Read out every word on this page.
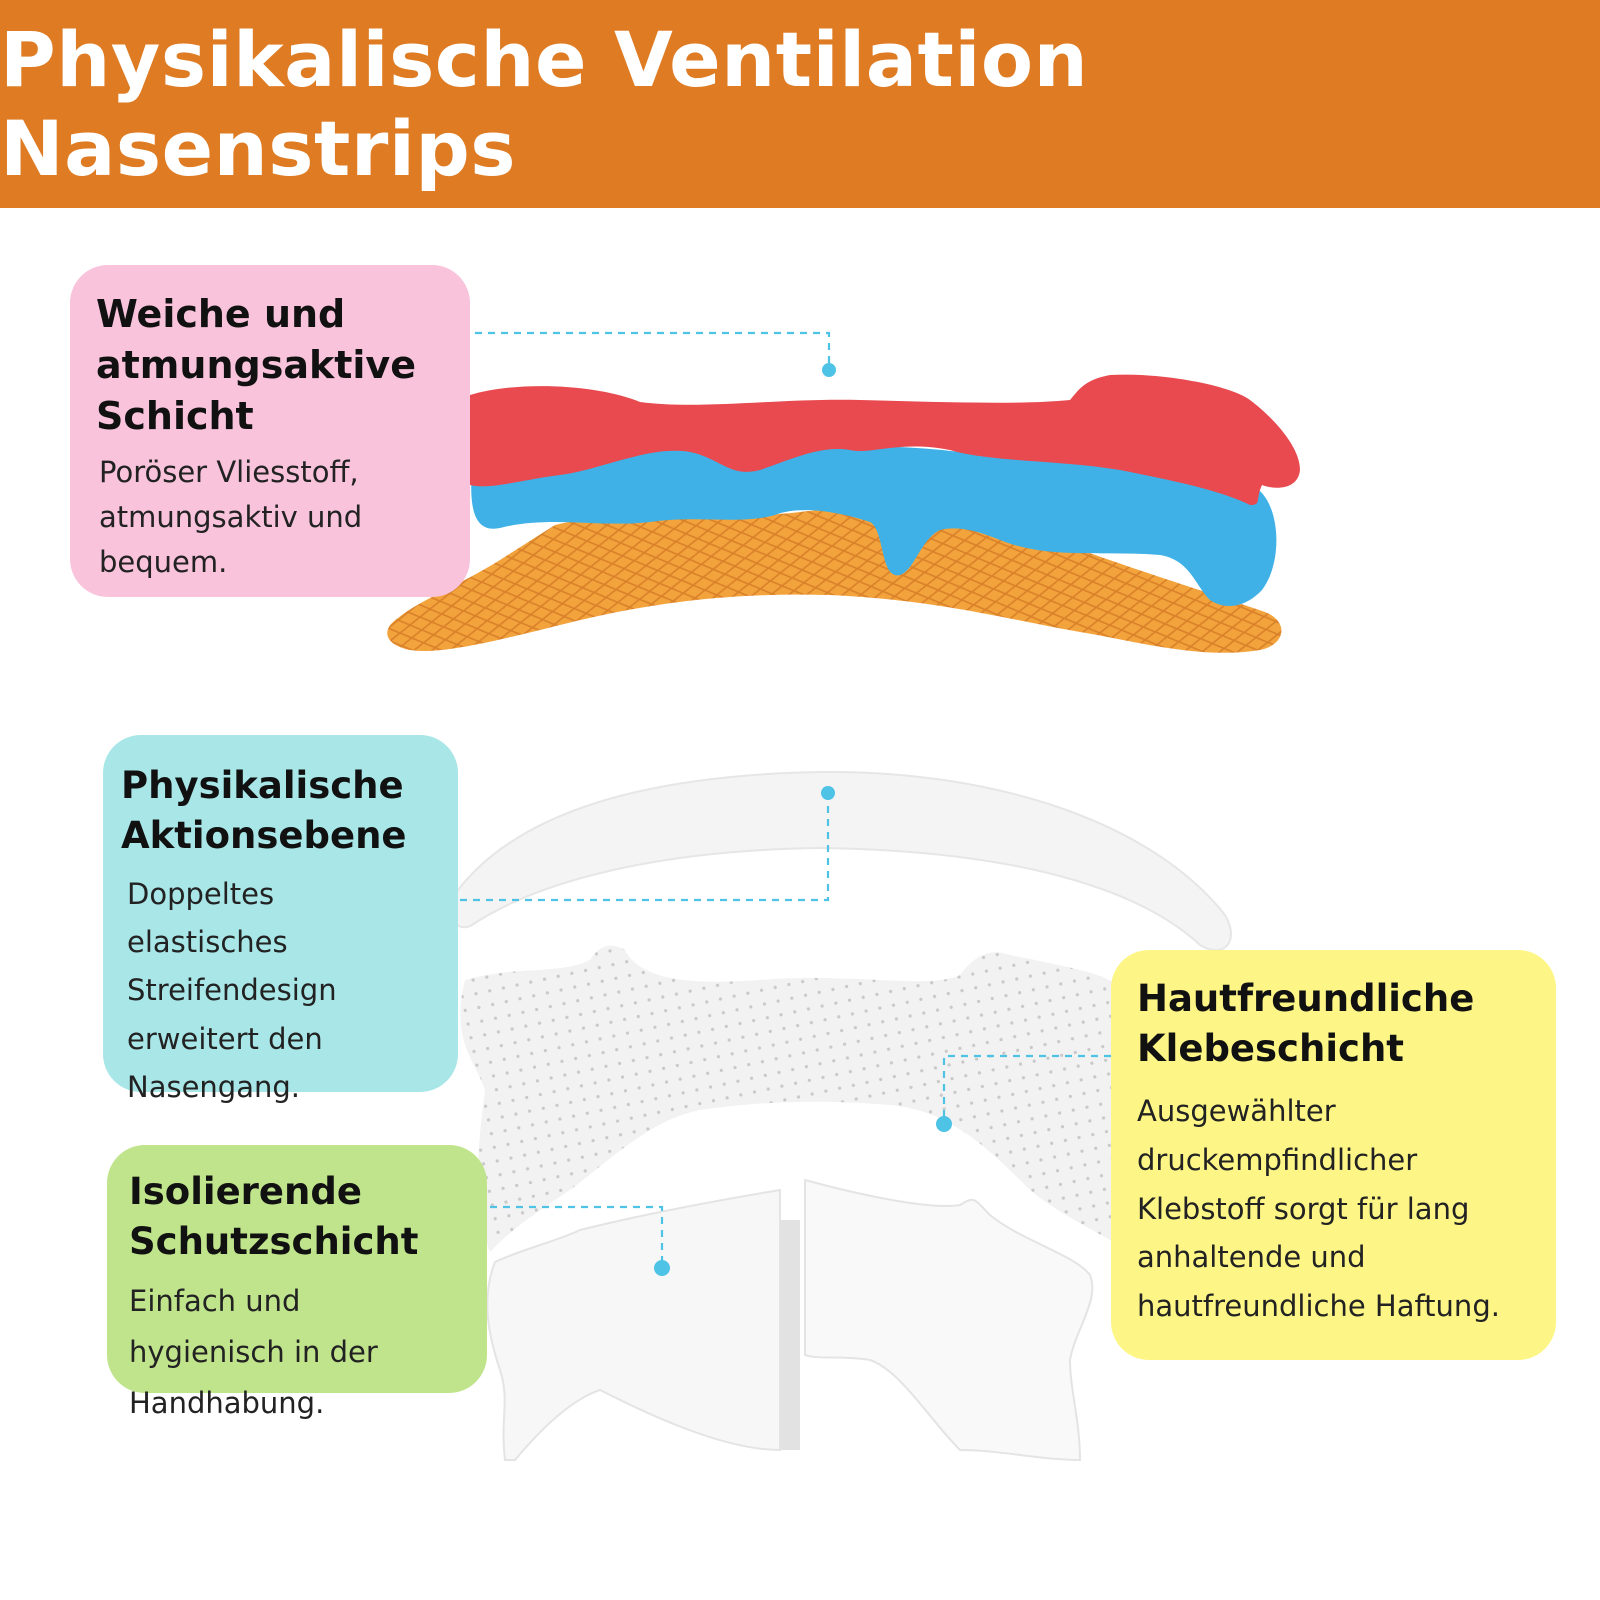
Physikalische Ventilation Nasenstrips
Weiche und atmungsaktive Schicht
Poröser Vliesstoff, atmungsaktiv und bequem.
Physikalische Aktionsebene
Doppeltes elastisches Streifendesign erweitert den Nasengang.
Isolierende Schutzschicht
Einfach und hygienisch in der Handhabung.
Hautfreundliche Klebeschicht
Ausgewählter druckempfindlicher Klebstoff sorgt für lang anhaltende und hautfreundliche Haftung.
